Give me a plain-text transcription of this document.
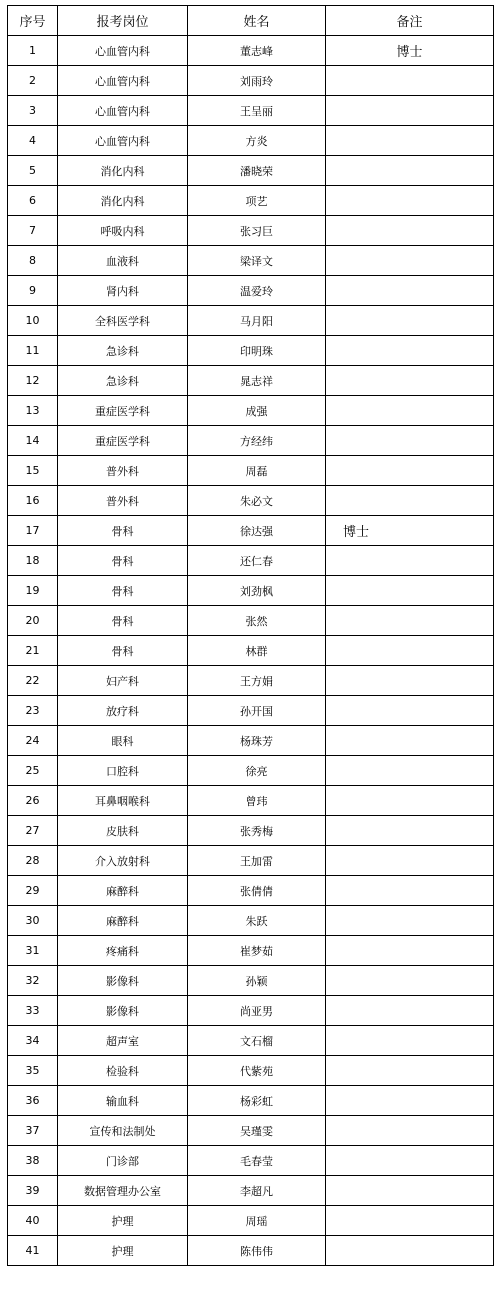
序号	报考岗位	姓名	备注
1	心血管内科	董志峰	博士
2	心血管内科	刘雨玲	
3	心血管内科	王呈丽	
4	心血管内科	方炎	
5	消化内科	潘晓荣	
6	消化内科	项艺	
7	呼吸内科	张习巨	
8	血液科	梁译文	
9	肾内科	温爱玲	
10	全科医学科	马月阳	
11	急诊科	印明珠	
12	急诊科	晁志祥	
13	重症医学科	成强	
14	重症医学科	方经纬	
15	普外科	周磊	
16	普外科	朱必文	
17	骨科	徐达强	博士
18	骨科	还仁春	
19	骨科	刘劲枫	
20	骨科	张然	
21	骨科	林群	
22	妇产科	王方娟	
23	放疗科	孙开国	
24	眼科	杨珠芳	
25	口腔科	徐亮	
26	耳鼻咽喉科	曾玮	
27	皮肤科	张秀梅	
28	介入放射科	王加雷	
29	麻醉科	张倩倩	
30	麻醉科	朱跃	
31	疼痛科	崔梦茹	
32	影像科	孙颖	
33	影像科	尚亚男	
34	超声室	文石榴	
35	检验科	代紫苑	
36	输血科	杨彩虹	
37	宣传和法制处	吴瑾雯	
38	门诊部	毛春莹	
39	数据管理办公室	李超凡	
40	护理	周瑶	
41	护理	陈伟伟	
